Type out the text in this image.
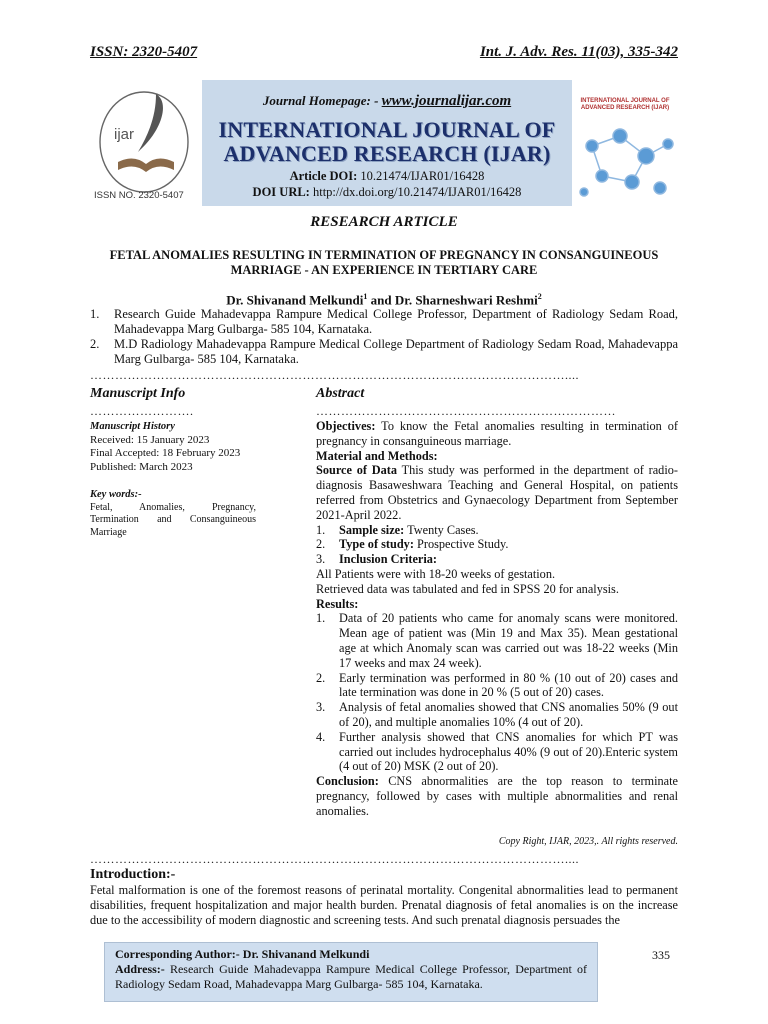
ISSN: 2320-5407	Int. J. Adv. Res. 11(03), 335-342
ijar
ISSN NO. 2320-5407
INTERNATIONAL JOURNAL OF ADVANCED RESEARCH (IJAR)
Journal Homepage: - www.journalijar.com
INTERNATIONAL JOURNAL OF
ADVANCED RESEARCH (IJAR)
Article DOI: 10.21474/IJAR01/16428
DOI URL: http://dx.doi.org/10.21474/IJAR01/16428
RESEARCH ARTICLE
FETAL ANOMALIES RESULTING IN TERMINATION OF PREGNANCY IN CONSANGUINEOUS
MARRIAGE - AN EXPERIENCE IN TERTIARY CARE
Dr. Shivanand Melkundi$^1$ and Dr. Sharneshwari Reshmi$^2$
1. Research Guide Mahadevappa Rampure Medical College Professor, Department of Radiology Sedam Road, Mahadevappa Marg Gulbarga- 585 104, Karnataka.
2. M.D Radiology Mahadevappa Rampure Medical College Department of Radiology Sedam Road, Mahadevappa Marg Gulbarga- 585 104, Karnataka.
……………………………………………………………………………………………………....
Manuscript Info
…………………….
Manuscript History
Received: 15 January 2023
Final Accepted: 18 February 2023
Published: March 2023
Key words:-
Fetal, Anomalies, Pregnancy, Termination and Consanguineous Marriage
Abstract
………………………………………………………………

Objectives: To know the Fetal anomalies resulting in termination of pregnancy in consanguineous marriage.

Material and Methods:

Source of Data This study was performed in the department of radio-diagnosis Basaweshwara Teaching and General Hospital, on patients referred from Obstetrics and Gynaecology Department from September 2021-April 2022.

1. Sample size: Twenty Cases.
2. Type of study: Prospective Study.
3. Inclusion Criteria:

All Patients were with 18-20 weeks of gestation.

Retrieved data was tabulated and fed in SPSS 20 for analysis.

Results:

1. Data of 20 patients who came for anomaly scans were monitored. Mean age of patient was (Min 19 and Max 35). Mean gestational age at which Anomaly scan was carried out was 18-22 weeks (Min 17 weeks and max 24 week).
2. Early termination was performed in 80 % (10 out of 20) cases and late termination was done in 20 % (5 out of 20) cases.
3. Analysis of fetal anomalies showed that CNS anomalies 50% (9 out of 20), and multiple anomalies 10% (4 out of 20).
4. Further analysis showed that CNS anomalies for which PT was carried out includes hydrocephalus 40% (9 out of 20).Enteric system (4 out of 20) MSK (2 out of 20).

Conclusion: CNS abnormalities are the top reason to terminate pregnancy, followed by cases with multiple abnormalities and renal anomalies.

Copy Right, IJAR, 2023,. All rights reserved.
……………………………………………………………………………………………………....
Introduction:-
Fetal malformation is one of the foremost reasons of perinatal mortality. Congenital abnormalities lead to permanent disabilities, frequent hospitalization and major health burden. Prenatal diagnosis of fetal anomalies is on the increase due to the accessibility of modern diagnostic and screening tests. And such prenatal diagnosis persuades the
Corresponding Author:- Dr. Shivanand Melkundi
Address:- Research Guide Mahadevappa Rampure Medical College Professor, Department of Radiology Sedam Road, Mahadevappa Marg Gulbarga- 585 104, Karnataka.
335
